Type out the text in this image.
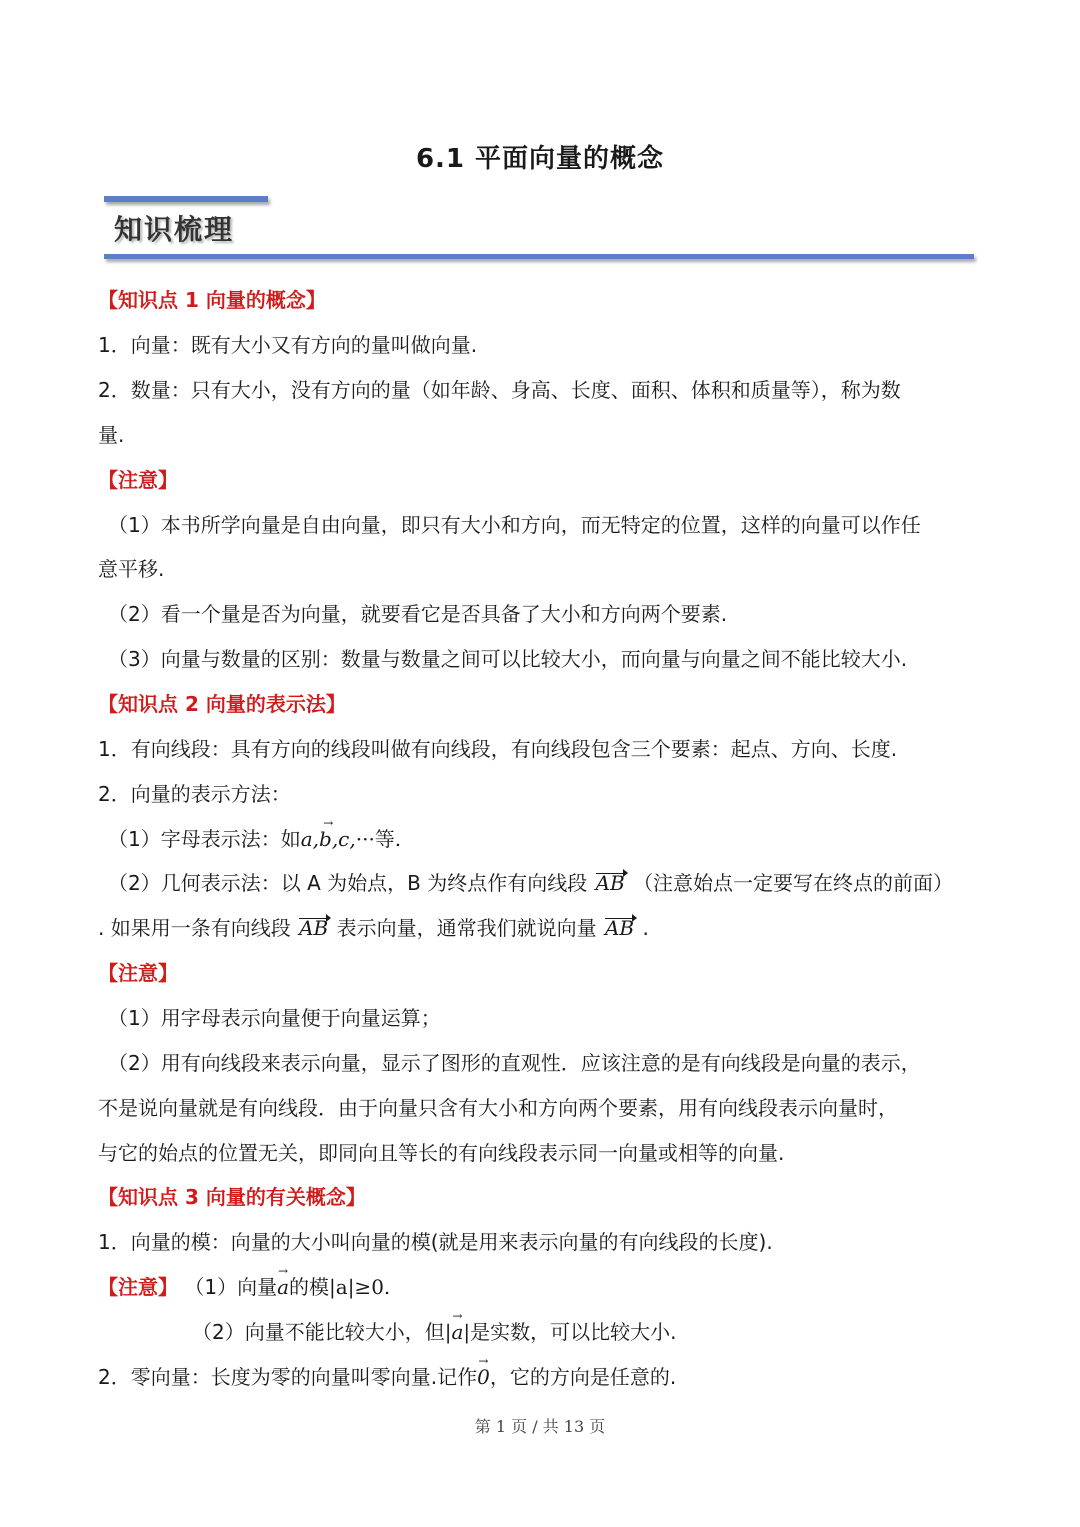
6.1 平面向量的概念
知识梳理
【知识点 1 向量的概念】
1．向量：既有大小又有方向的量叫做向量.
2．数量：只有大小，没有方向的量（如年龄、身高、长度、面积、体积和质量等），称为数
量.
【注意】
（1）本书所学向量是自由向量，即只有大小和方向，而无特定的位置，这样的向量可以作任
意平移.
（2）看一个量是否为向量，就要看它是否具备了大小和方向两个要素.
（3）向量与数量的区别：数量与数量之间可以比较大小，而向量与向量之间不能比较大小.
【知识点 2 向量的表示法】
1．有向线段：具有方向的线段叫做有向线段，有向线段包含三个要素：起点、方向、长度.
2．向量的表示方法：
（1）字母表示法：如→ a,b,c,···等.
（2）几何表示法：以 A 为始点，B 为终点作有向线段 AB （注意始点一定要写在终点的前面）
. 如果用一条有向线段 AB 表示向量，通常我们就说向量 AB .
【注意】
（1）用字母表示向量便于向量运算；
（2）用有向线段来表示向量，显示了图形的直观性．应该注意的是有向线段是向量的表示，
不是说向量就是有向线段．由于向量只含有大小和方向两个要素，用有向线段表示向量时，
与它的始点的位置无关，即同向且等长的有向线段表示同一向量或相等的向量.
【知识点 3 向量的有关概念】
1．向量的模：向量的大小叫向量的模(就是用来表示向量的有向线段的长度).
【注意】 （1）向量→ a的模|a|≥0.
（2）向量不能比较大小，但→ |a|是实数，可以比较大小.
2．零向量：长度为零的向量叫零向量.记作→ 0，它的方向是任意的.
第 1 页 / 共 13 页
